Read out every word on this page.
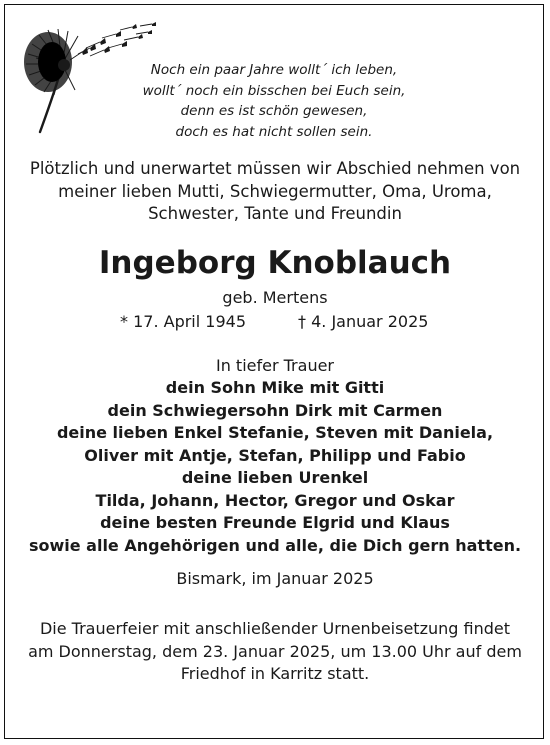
Noch ein paar Jahre wollt´ ich leben,
wollt´ noch ein bisschen bei Euch sein,
denn es ist schön gewesen,
doch es hat nicht sollen sein.
Plötzlich und unerwartet müssen wir Abschied nehmen von
meiner lieben Mutti, Schwiegermutter, Oma, Uroma,
Schwester, Tante und Freundin
Ingeborg Knoblauch
geb. Mertens
* 17. April 1945	† 4. Januar 2025
In tiefer Trauer
dein Sohn Mike mit Gitti
dein Schwiegersohn Dirk mit Carmen
deine lieben Enkel Stefanie, Steven mit Daniela,
Oliver mit Antje, Stefan, Philipp und Fabio
deine lieben Urenkel
Tilda, Johann, Hector, Gregor und Oskar
deine besten Freunde Elgrid und Klaus
sowie alle Angehörigen und alle, die Dich gern hatten.
Bismark, im Januar 2025
Die Trauerfeier mit anschließender Urnenbeisetzung findet
am Donnerstag, dem 23. Januar 2025, um 13.00 Uhr auf dem
Friedhof in Karritz statt.
